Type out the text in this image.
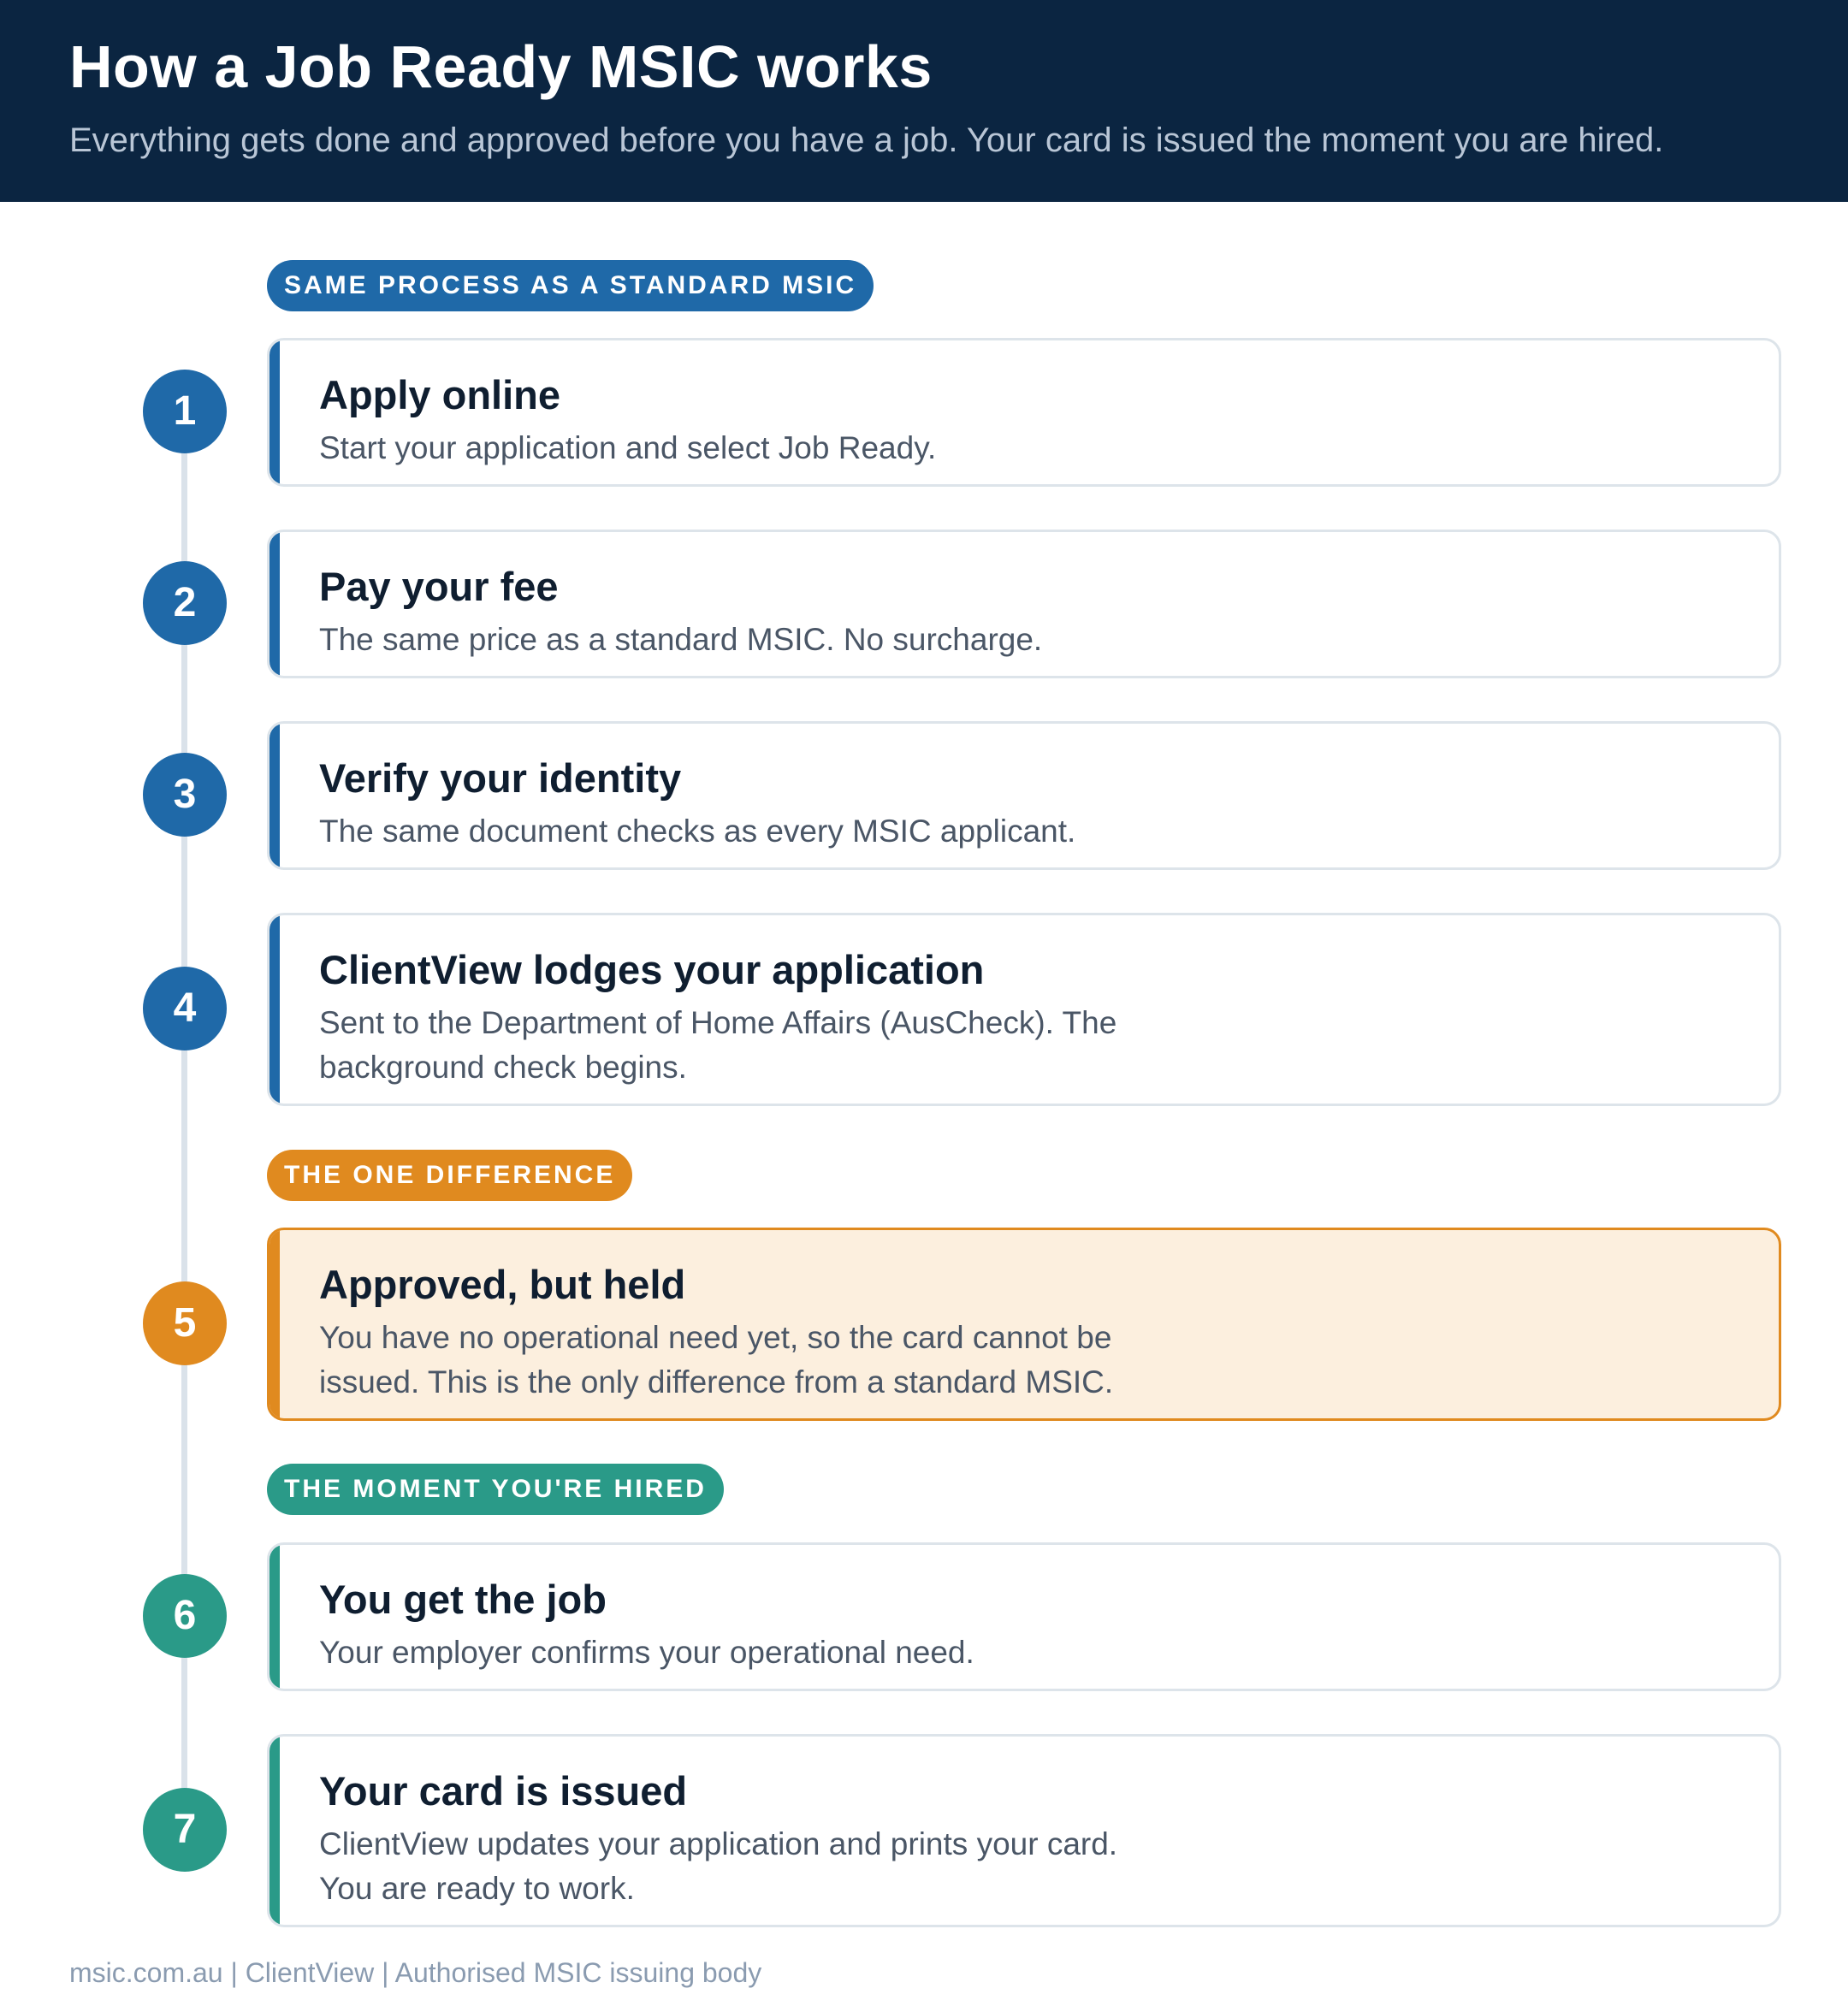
How a Job Ready MSIC works
Everything gets done and approved before you have a job. Your card is issued the moment you are hired.
SAME PROCESS AS A STANDARD MSIC
1	Apply online
Start your application and select Job Ready.
2	Pay your fee
The same price as a standard MSIC. No surcharge.
3	Verify your identity
The same document checks as every MSIC applicant.
4
ClientView lodges your application
Sent to the Department of Home Affairs (AusCheck). The background check begins.
THE ONE DIFFERENCE
5
Approved, but held
You have no operational need yet, so the card cannot be issued. This is the only difference from a standard MSIC.
THE MOMENT YOU'RE HIRED
6	You get the job
Your employer confirms your operational need.
7
Your card is issued
ClientView updates your application and prints your card. You are ready to work.
msic.com.au | ClientView | Authorised MSIC issuing body
